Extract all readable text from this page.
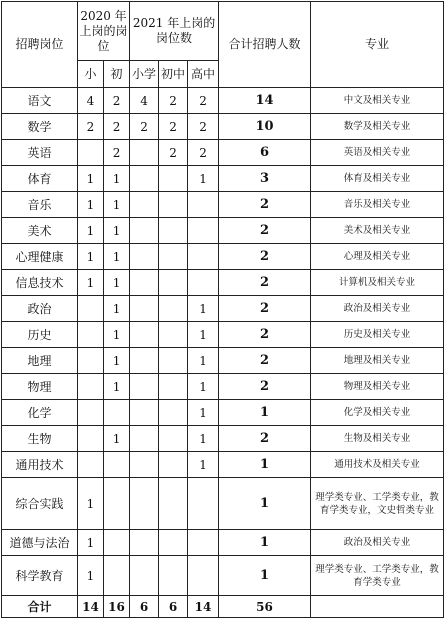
招聘岗位	2020 年上岗的岗位		2021 年上岗的岗位数			合计招聘人数	专业
	小	初	小学	初中	高中		
语文	4	2	4	2	2	14	中文及相关专业
数学	2	2	2	2	2	10	数学及相关专业
英语		2		2	2	6	英语及相关专业
体育	1	1			1	3	体育及相关专业
音乐	1	1				2	音乐及相关专业
美术	1	1				2	美术及相关专业
心理健康	1	1				2	心理及相关专业
信息技术	1	1				2	计算机及相关专业
政治		1			1	2	政治及相关专业
历史		1			1	2	历史及相关专业
地理		1			1	2	地理及相关专业
物理		1			1	2	物理及相关专业
化学					1	1	化学及相关专业
生物		1			1	2	生物及相关专业
通用技术					1	1	通用技术及相关专业
综合实践	1					1	理学类专业、工学类专业，教育学类专业，文史哲类专业
道德与法治	1					1	政治及相关专业
科学教育	1					1	理学类专业、工学类专业，教育学类专业
合计	14	16	6	6	14	56	
